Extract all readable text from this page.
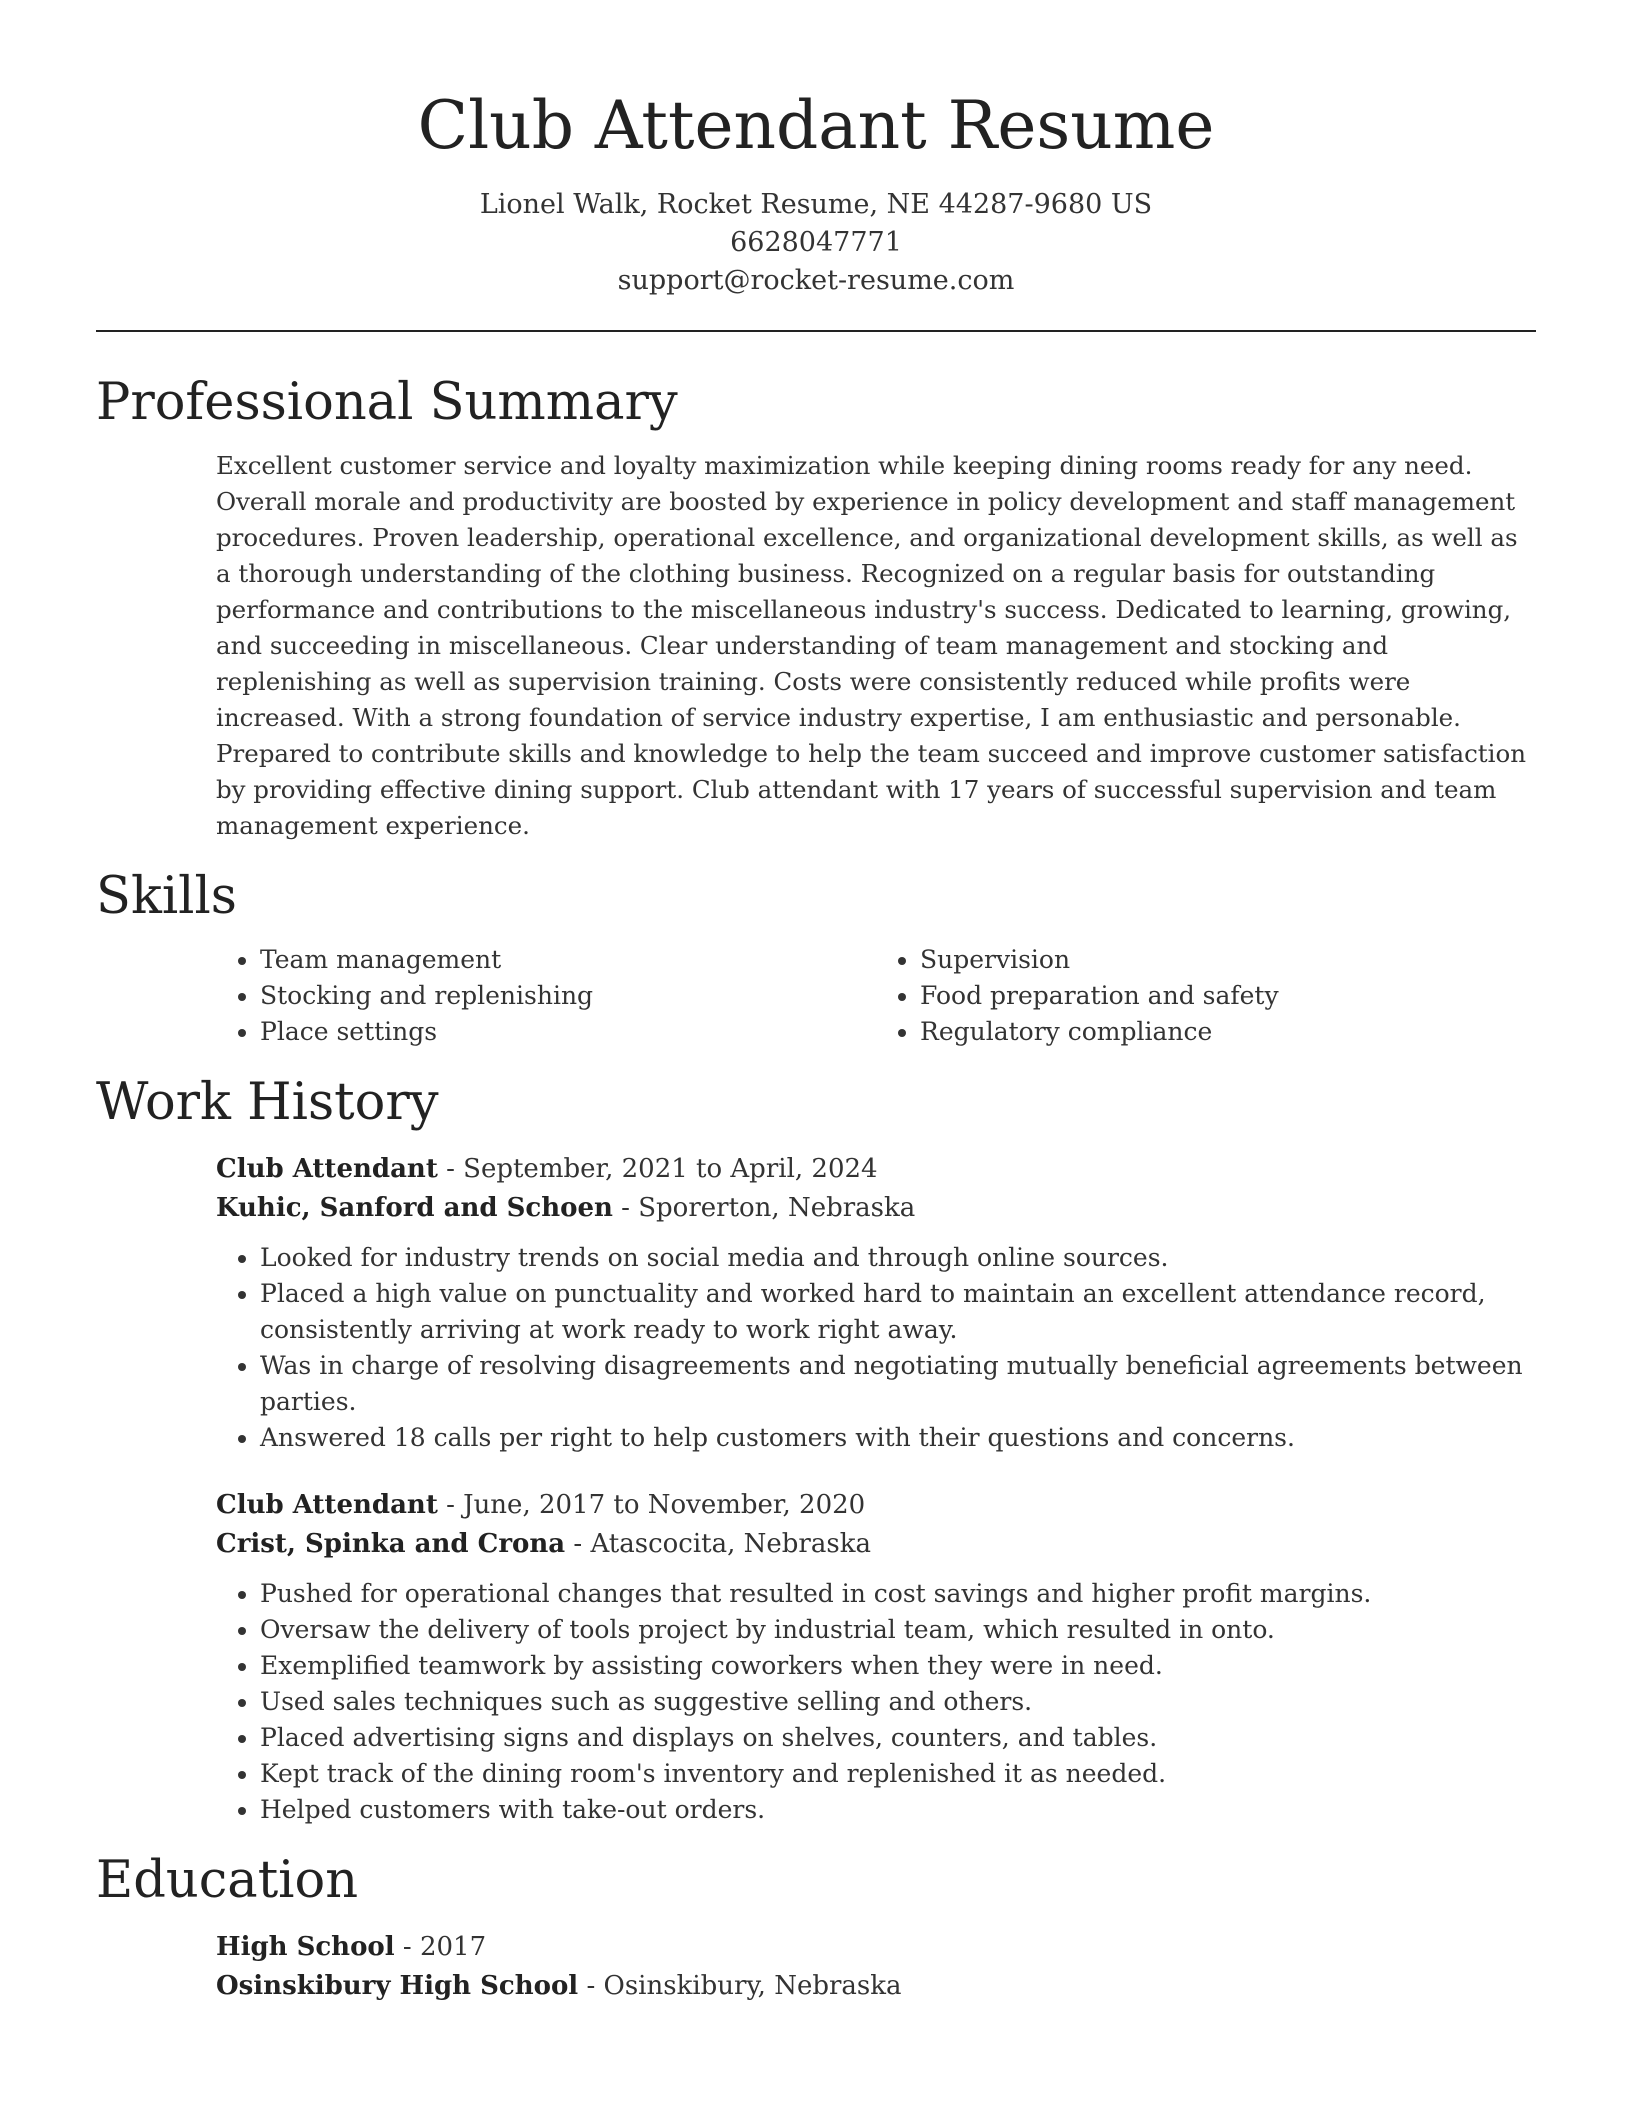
Club Attendant Resume
Lionel Walk, Rocket Resume, NE 44287-9680 US
6628047771
support@rocket-resume.com
Professional Summary

Excellent customer service and loyalty maximization while keeping dining rooms ready for any need. Overall morale and productivity are boosted by experience in policy development and staff management procedures. Proven leadership, operational excellence, and organizational development skills, as well as a thorough understanding of the clothing business. Recognized on a regular basis for outstanding performance and contributions to the miscellaneous industry's success. Dedicated to learning, growing, and succeeding in miscellaneous. Clear understanding of team management and stocking and replenishing as well as supervision training. Costs were consistently reduced while profits were increased. With a strong foundation of service industry expertise, I am enthusiastic and personable. Prepared to contribute skills and knowledge to help the team succeed and improve customer satisfaction by providing effective dining support. Club attendant with 17 years of successful supervision and team management experience.

Skills
• Team management
• Stocking and replenishing
• Place settings
• Supervision
• Food preparation and safety
• Regulatory compliance
Work History
Club Attendant - September, 2021 to April, 2024
Kuhic, Sanford and Schoen - Sporerton, Nebraska
• Looked for industry trends on social media and through online sources.
• Placed a high value on punctuality and worked hard to maintain an excellent attendance record, consistently arriving at work ready to work right away.
• Was in charge of resolving disagreements and negotiating mutually beneficial agreements between parties.
• Answered 18 calls per right to help customers with their questions and concerns.
Club Attendant - June, 2017 to November, 2020
Crist, Spinka and Crona - Atascocita, Nebraska
• Pushed for operational changes that resulted in cost savings and higher profit margins.
• Oversaw the delivery of tools project by industrial team, which resulted in onto.
• Exemplified teamwork by assisting coworkers when they were in need.
• Used sales techniques such as suggestive selling and others.
• Placed advertising signs and displays on shelves, counters, and tables.
• Kept track of the dining room's inventory and replenished it as needed.
• Helped customers with take-out orders.
Education
High School - 2017
Osinskibury High School - Osinskibury, Nebraska
